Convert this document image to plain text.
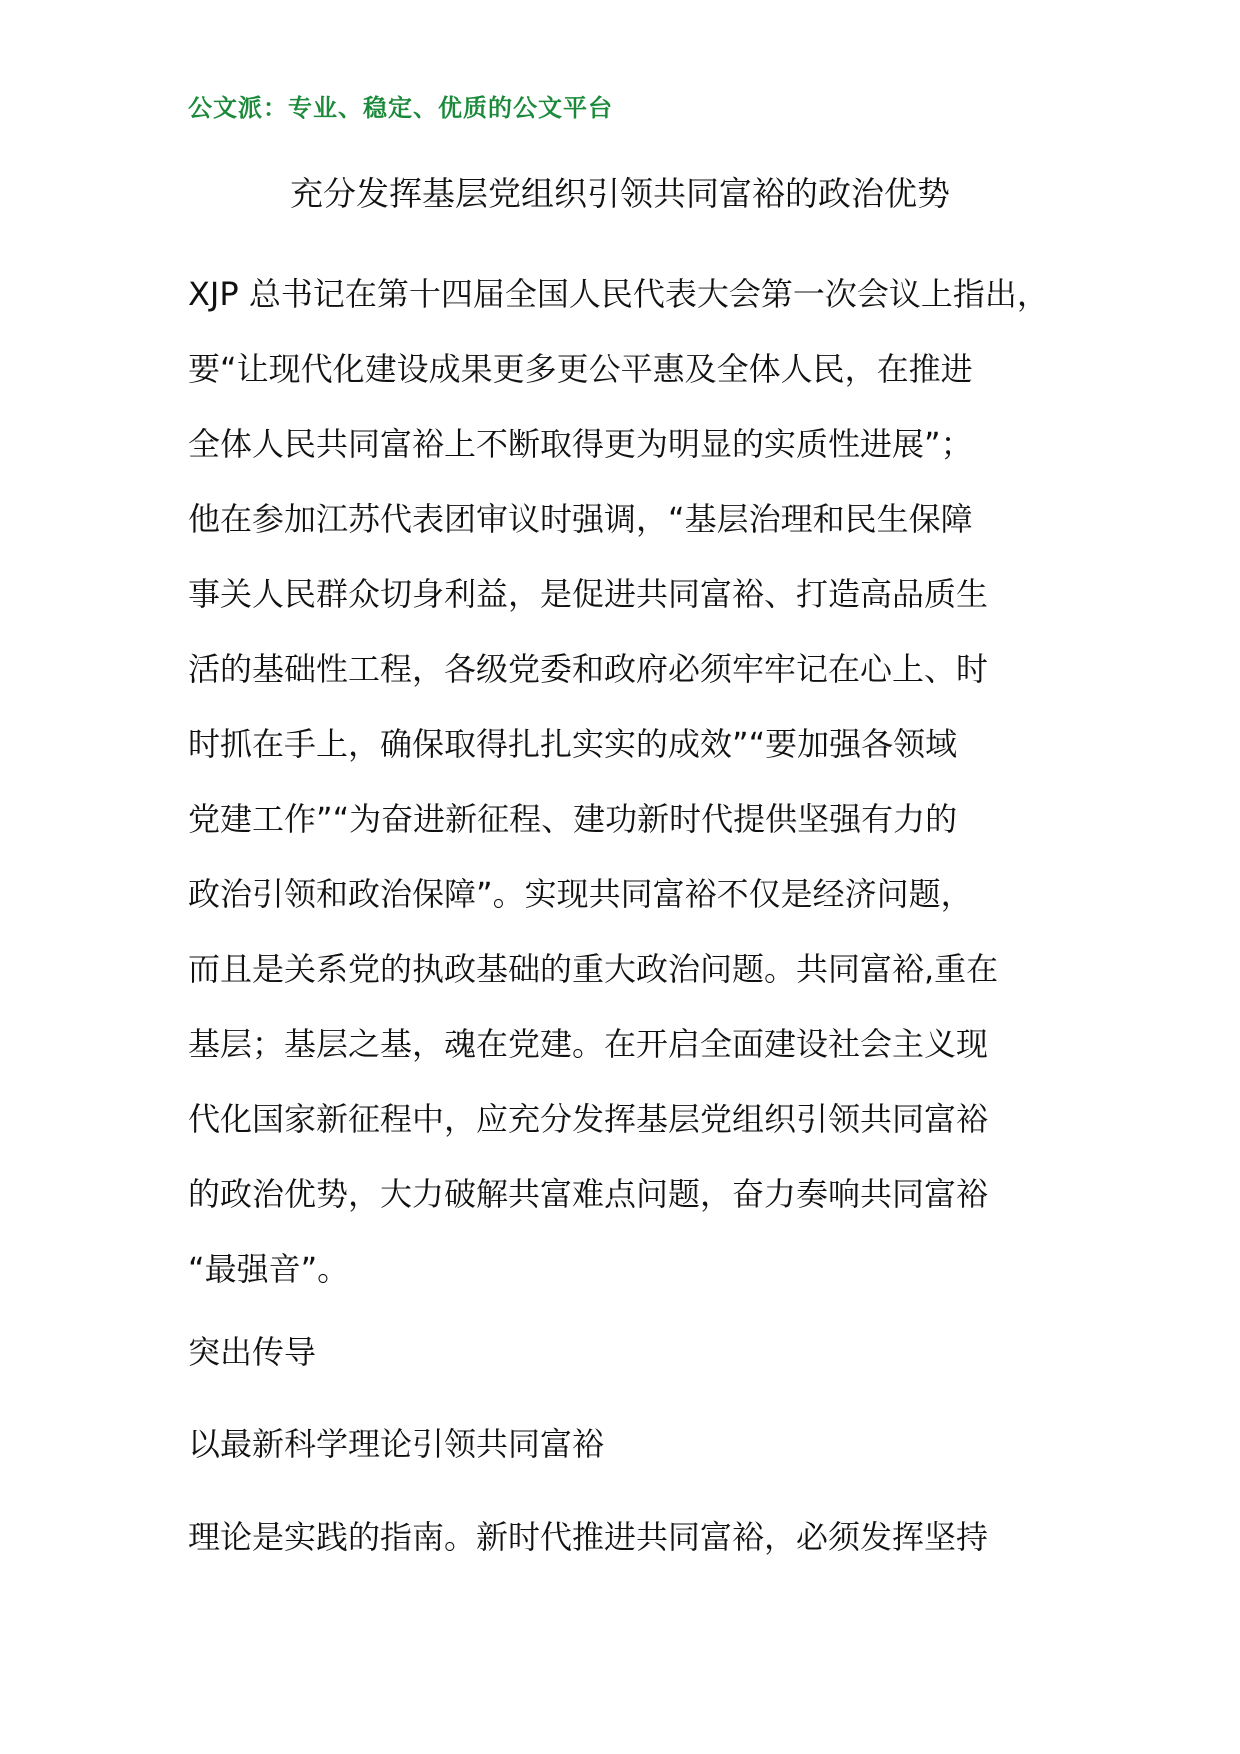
公文派：专业、稳定、优质的公文平台
充分发挥基层党组织引领共同富裕的政治优势
XJP 总书记在第十四届全国人民代表大会第一次会议上指出，
要“让现代化建设成果更多更公平惠及全体人民，在推进
全体人民共同富裕上不断取得更为明显的实质性进展”；
他在参加江苏代表团审议时强调，“基层治理和民生保障
事关人民群众切身利益，是促进共同富裕、打造高品质生
活的基础性工程，各级党委和政府必须牢牢记在心上、时
时抓在手上，确保取得扎扎实实的成效”“要加强各领域
党建工作”“为奋进新征程、建功新时代提供坚强有力的
政治引领和政治保障”。实现共同富裕不仅是经济问题，
而且是关系党的执政基础的重大政治问题。共同富裕,重在
基层；基层之基，魂在党建。在开启全面建设社会主义现
代化国家新征程中，应充分发挥基层党组织引领共同富裕
的政治优势，大力破解共富难点问题，奋力奏响共同富裕
“最强音”。
突出传导
以最新科学理论引领共同富裕
理论是实践的指南。新时代推进共同富裕，必须发挥坚持
